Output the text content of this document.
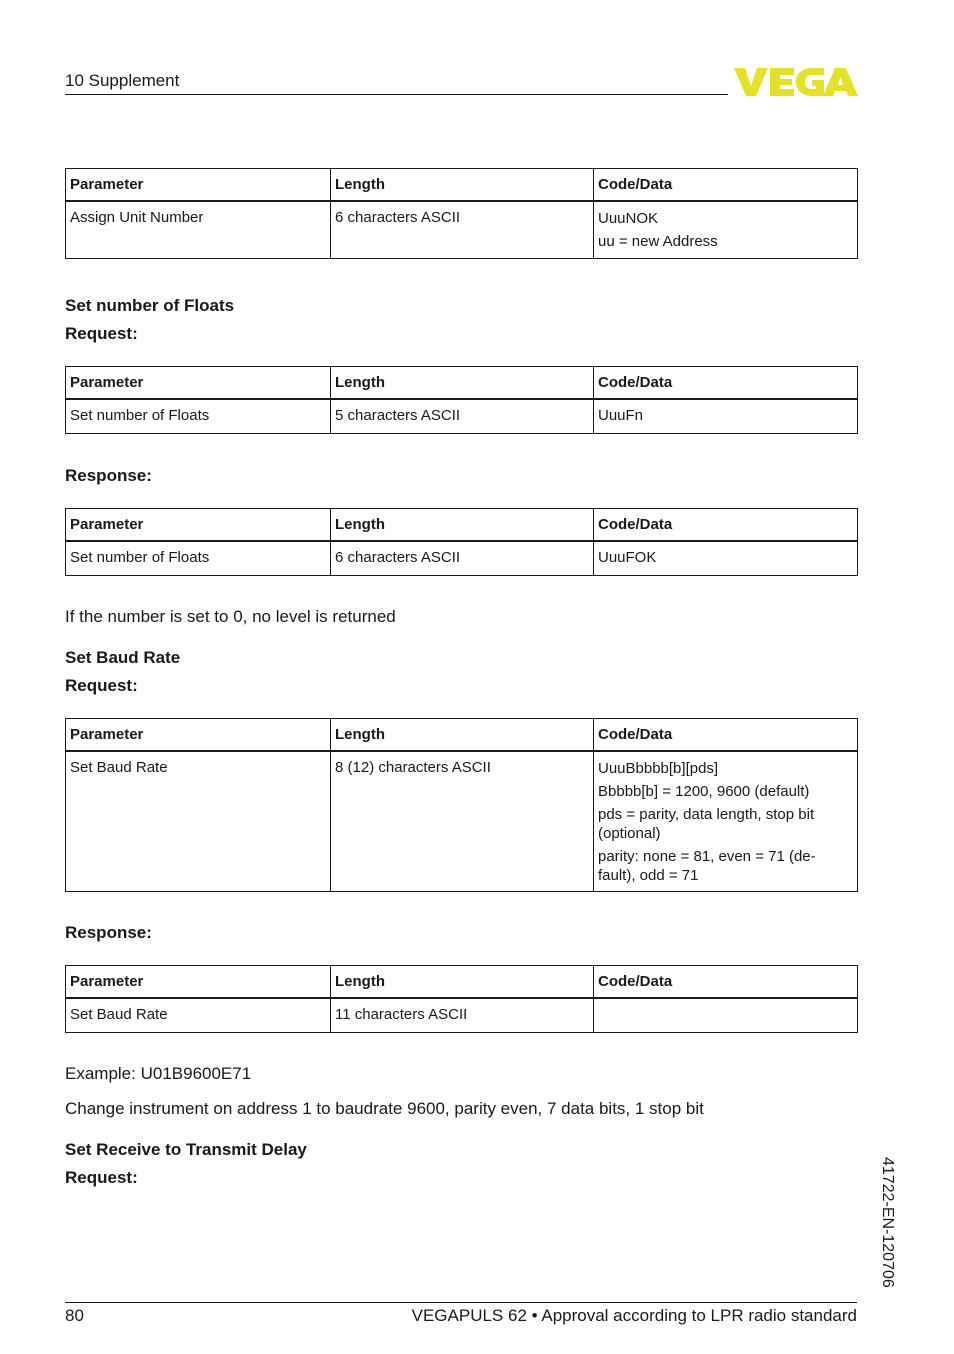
10 Supplement
Parameter	Length	Code/Data
Assign Unit Number	6 characters ASCII	UuuNOK
uu = new Address
Set number of Floats
Request:
Parameter	Length	Code/Data
Set number of Floats	5 characters ASCII	UuuFn
Response:
Parameter	Length	Code/Data
Set number of Floats	6 characters ASCII	UuuFOK
If the number is set to 0, no level is returned
Set Baud Rate
Request:
Parameter	Length	Code/Data
Set Baud Rate	8 (12) characters ASCII	UuuBbbbb[b][pds]
Bbbbb[b] = 1200, 9600 (default)
pds = parity, data length, stop bit (optional)
parity: none = 81, even = 71 (de-fault), odd = 71
Response:
Parameter	Length	Code/Data
Set Baud Rate	11 characters ASCII	
Example: U01B9600E71
Change instrument on address 1 to baudrate 9600, parity even, 7 data bits, 1 stop bit
Set Receive to Transmit Delay
Request:	41722-EN-120706
80	VEGAPULS 62 • Approval according to LPR radio standard
